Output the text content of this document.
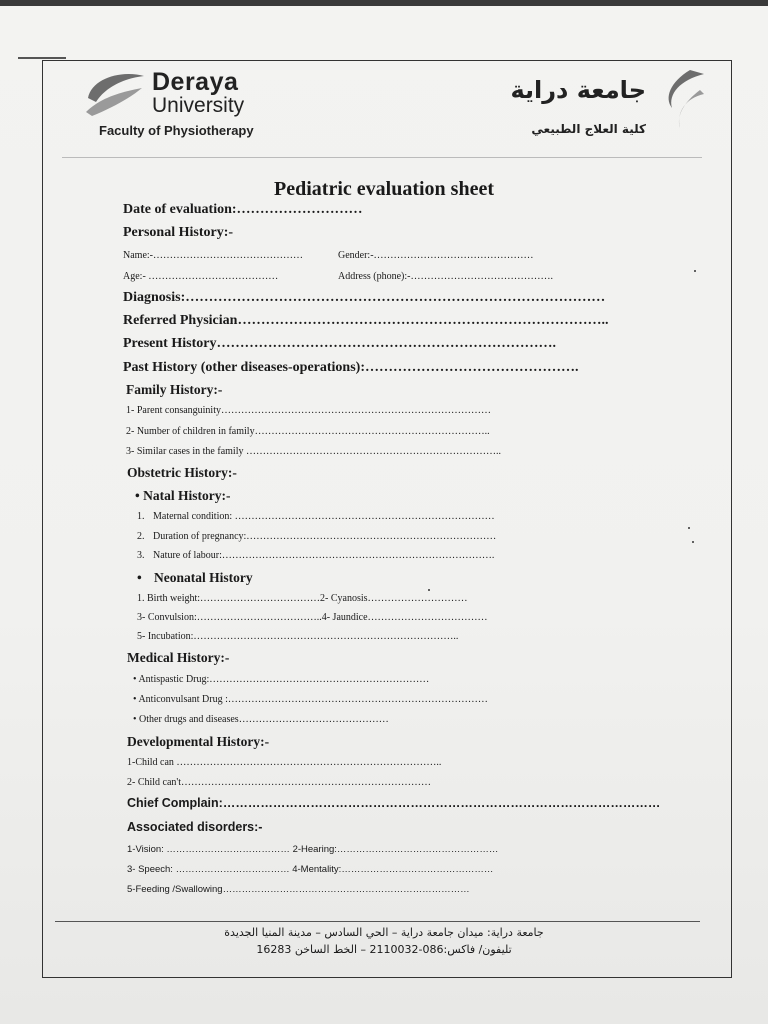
Deraya
University
Faculty of Physiotherapy
جامعة دراية
كلية العلاج الطبيعي
Pediatric evaluation sheet
Date of evaluation:………………………
Personal History:-
Name:-………………………………………	Gender:-…………………………………………
Age:- …………………………………	Address (phone):-…………………………………….
Diagnosis:………………………………………………………………………………
Referred Physician……………………………………………………………………..
Present History……………………………………………………………….
Past History (other diseases-operations):……………………………………….
Family History:-
1- Parent consanguinity………………………………………………………………………
2- Number of children in family……………………………………………………………..
3- Similar cases in the family …………………………………………………………………..
Obstetric History:-
• Natal History:-
1. Maternal condition: ……………………………………………………………………
2. Duration of pregnancy:…………………………………………………………………
3. Nature of labour:……………………………………………………………………….
• Neonatal History
1. Birth weight:………………………………2- Cyanosis…………………………
3- Convulsion:………………………………..4- Jaundice………………………………
5- Incubation:……………………………………………………………………..
Medical History:-
• Antispastic Drug:…………………………………………………………
• Anticonvulsant Drug :……………………………………………………………………
• Other drugs and diseases………………………………………
Developmental History:-
1-Child can ……………………………………………………………………..
2- Child can't…………………………………………………………………
Chief Complain:……………………………………………………………………………………………
Associated disorders:-
1-Vision: ………………………………… 2-Hearing:……………………………………………
3- Speech: ……………………………… 4-Mentality:…………………………………………
5-Feeding /Swallowing……………………………………………………………………
جامعة دراية: ميدان جامعة دراية – الحي السادس – مدينة المنيا الجديدة
تليفون/ فاكس:086-2110032 – الخط الساخن 16283
